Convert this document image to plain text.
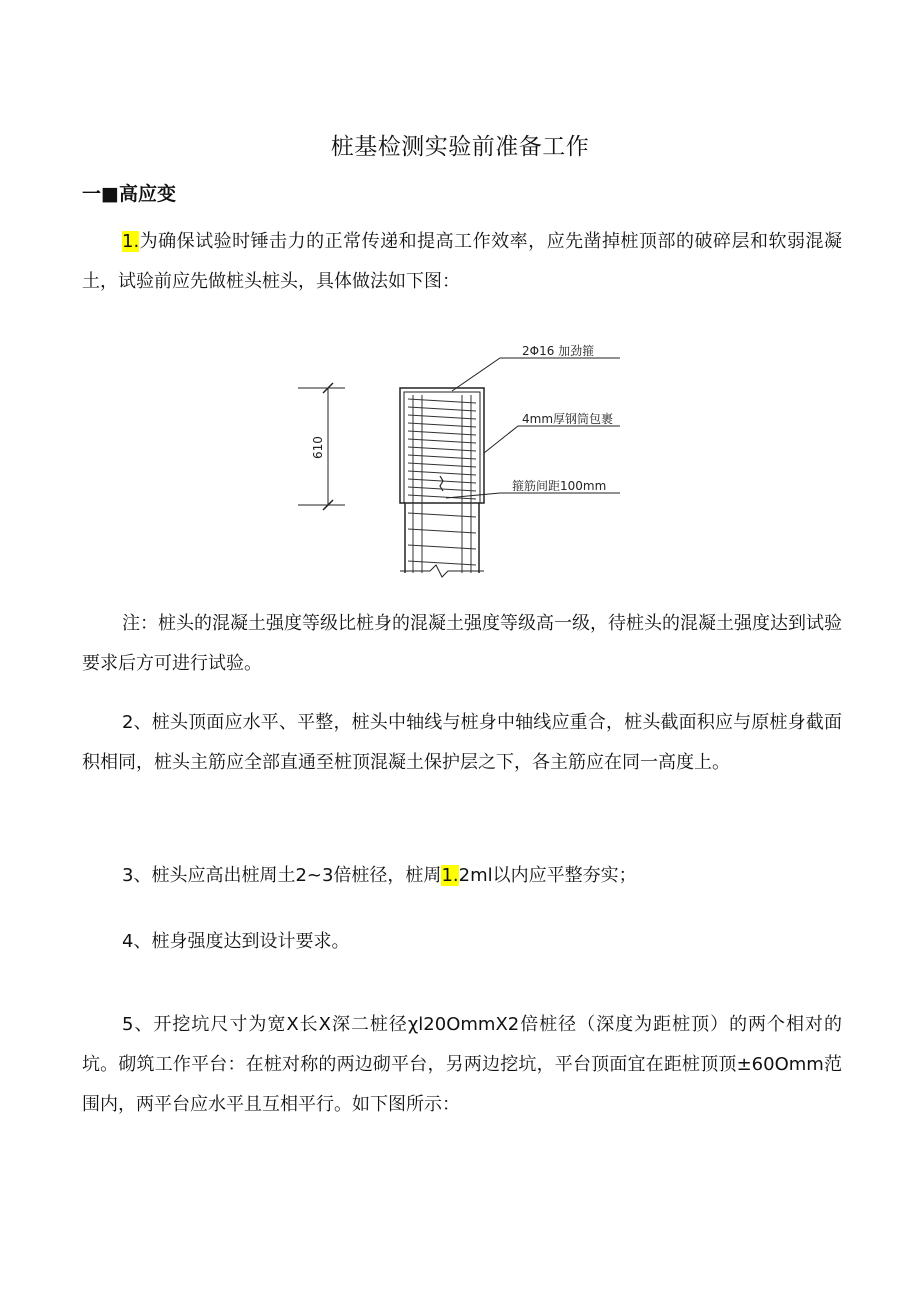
桩基检测实验前准备工作
一■高应变

1.为确保试验时锤击力的正常传递和提高工作效率，应先凿掉桩顶部的破碎层和软弱混凝土，试验前应先做桩头桩头，具体做法如下图：

610
2Φ16 加劲箍
4mm厚钢筒包裹
箍筋间距100mm

注：桩头的混凝土强度等级比桩身的混凝土强度等级高一级，待桩头的混凝土强度达到试验要求后方可进行试验。

2、桩头顶面应水平、平整，桩头中轴线与桩身中轴线应重合，桩头截面积应与原桩身截面积相同，桩头主筋应全部直通至桩顶混凝土保护层之下，各主筋应在同一高度上。

3、桩头应高出桩周土2~3倍桩径，桩周1.2ml以内应平整夯实；

4、桩身强度达到设计要求。

5、开挖坑尺寸为宽X长X深二桩径χl20OmmX2倍桩径（深度为距桩顶）的两个相对的坑。砌筑工作平台：在桩对称的两边砌平台，另两边挖坑，平台顶面宜在距桩顶顶±60Omm范围内，两平台应水平且互相平行。如下图所示：
